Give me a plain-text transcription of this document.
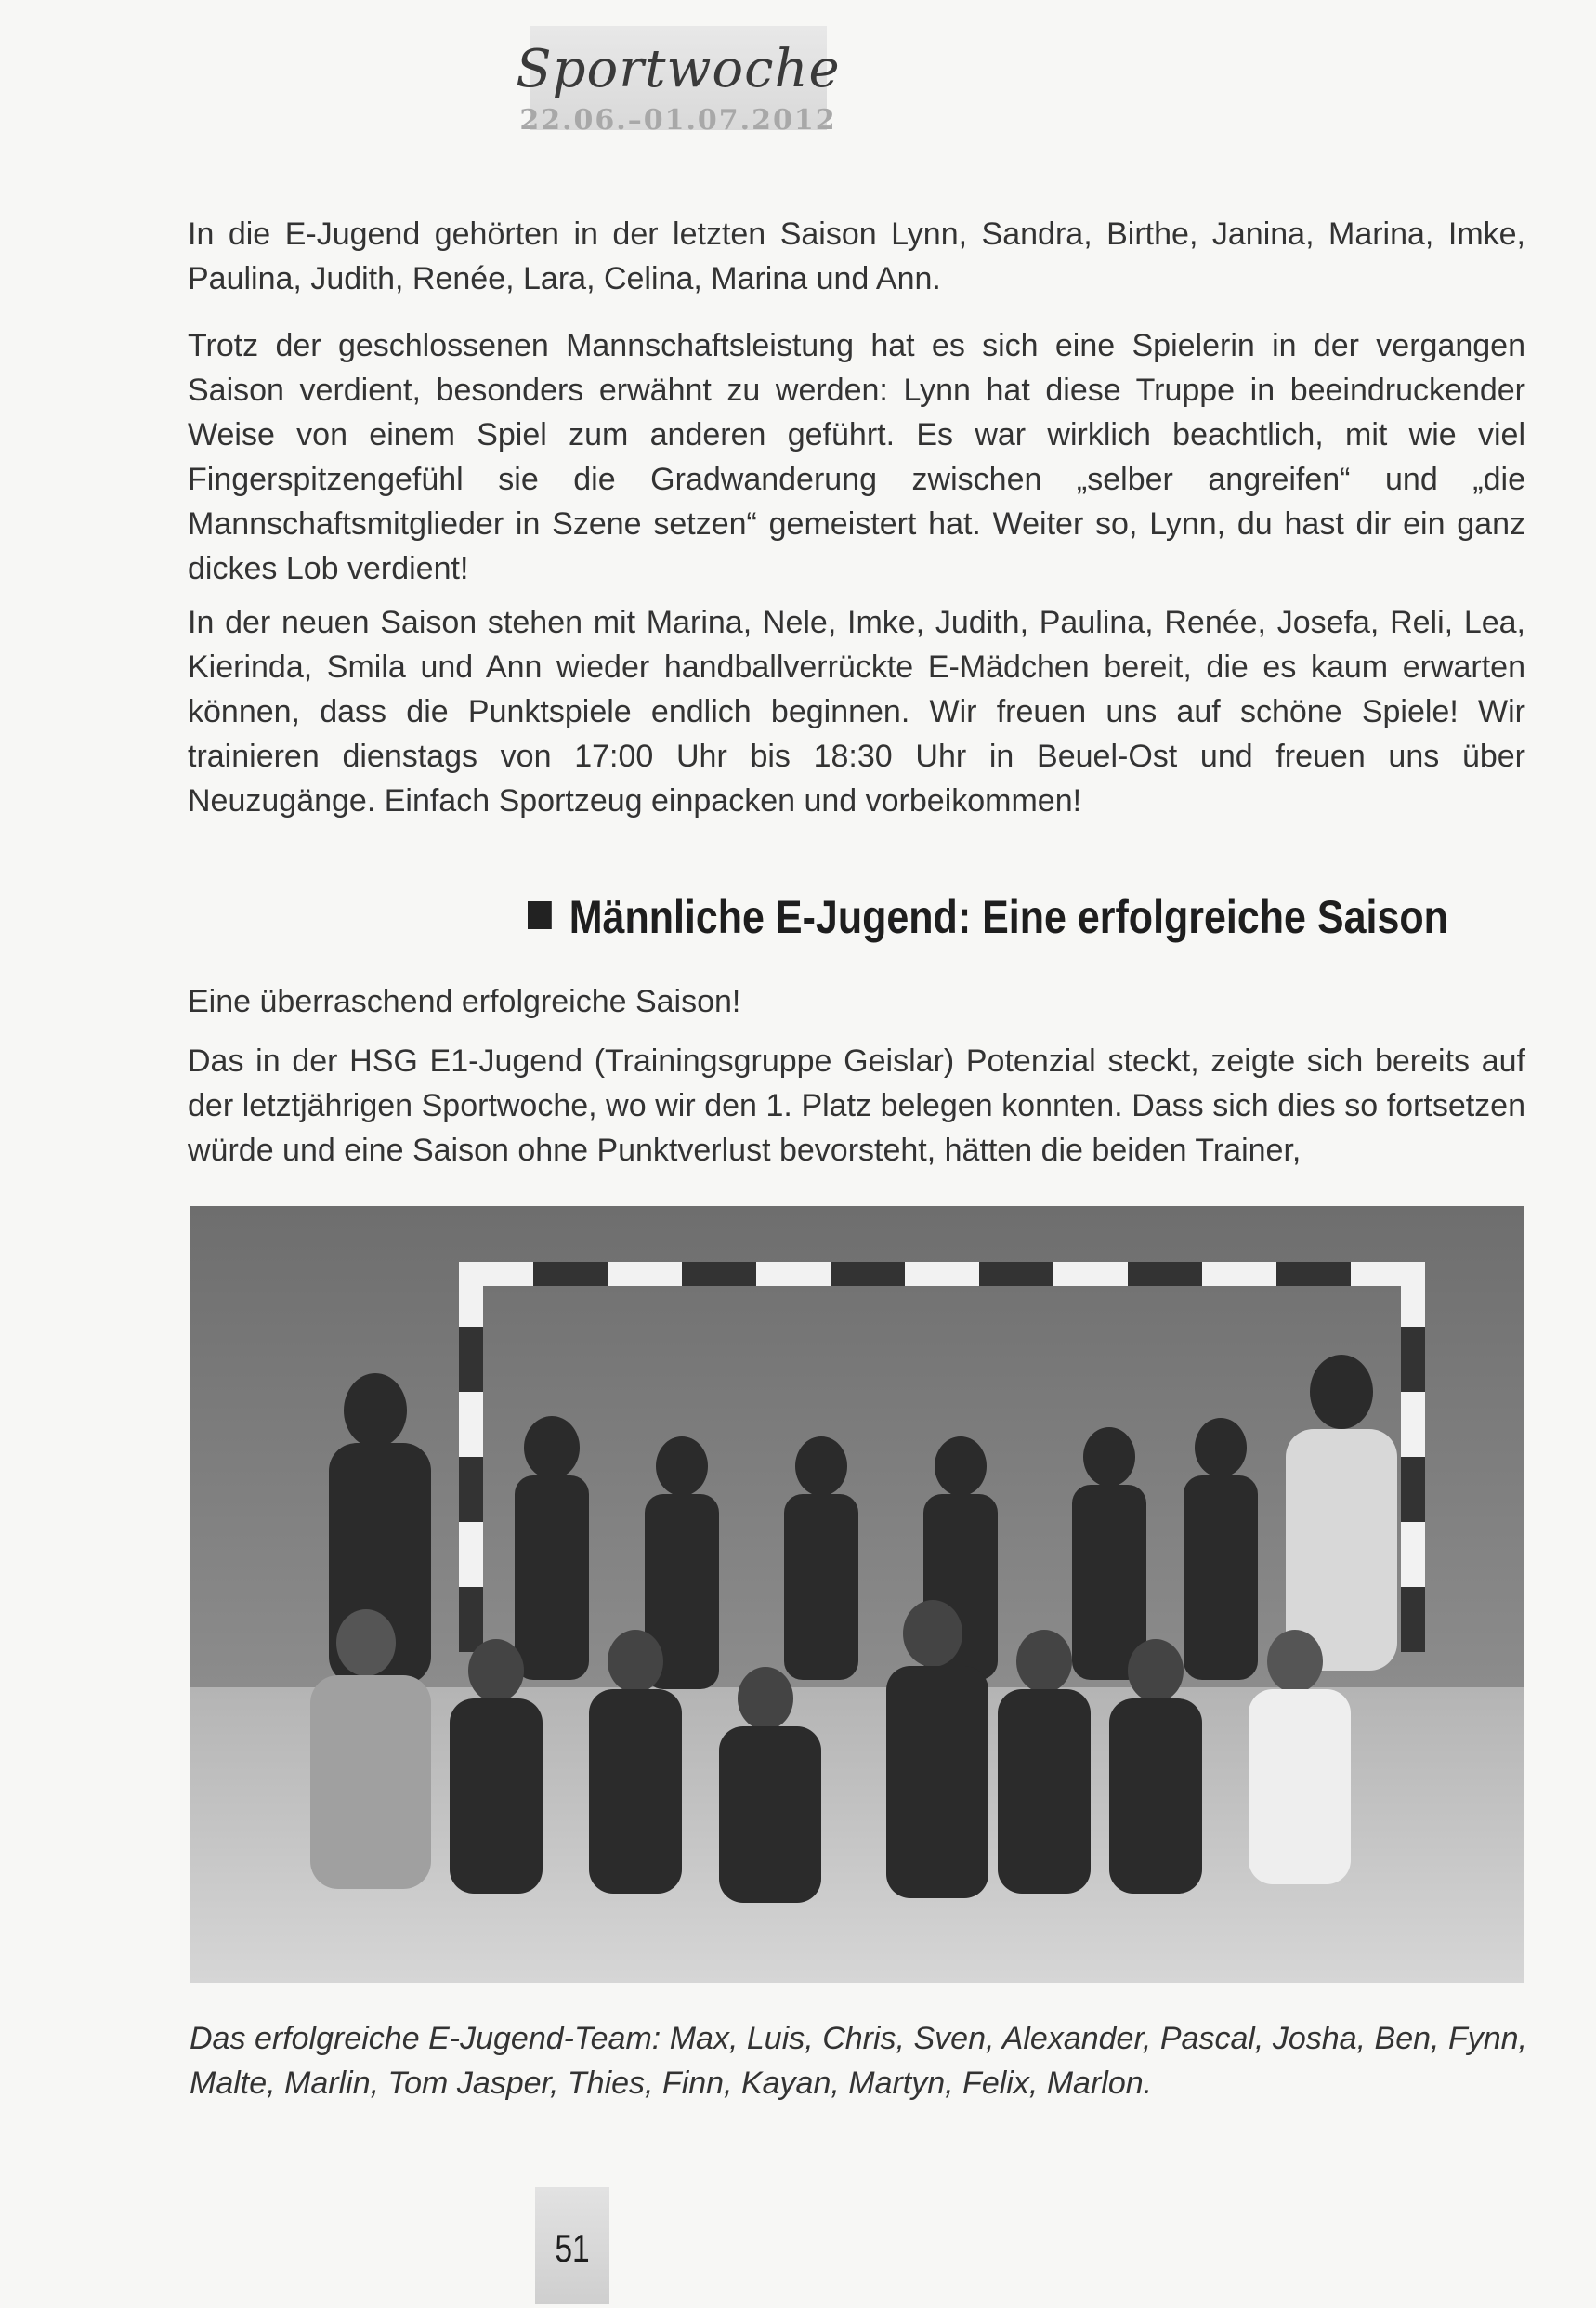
Sportwoche
22.06.–01.07.2012

In die E-Jugend gehörten in der letzten Saison Lynn, Sandra, Birthe, Janina, Marina, Imke, Paulina, Judith, Renée, Lara, Celina, Marina und Ann.

Trotz der geschlossenen Mannschaftsleistung hat es sich eine Spielerin in der vergangen Saison verdient, besonders erwähnt zu werden: Lynn hat diese Truppe in beeindruckender Weise von einem Spiel zum anderen geführt. Es war wirklich beachtlich, mit wie viel Fingerspitzengefühl sie die Gradwanderung zwischen „selber angreifen“ und „die Mannschaftsmitglieder in Szene setzen“ gemeistert hat. Weiter so, Lynn, du hast dir ein ganz dickes Lob verdient!

In der neuen Saison stehen mit Marina, Nele, Imke, Judith, Paulina, Renée, Josefa, Reli, Lea, Kierinda, Smila und Ann wieder handballverrückte E-Mädchen bereit, die es kaum erwarten können, dass die Punktspiele endlich beginnen. Wir freuen uns auf schöne Spiele! Wir trainieren dienstags von 17:00 Uhr bis 18:30 Uhr in Beuel-Ost und freuen uns über Neuzugänge. Einfach Sportzeug einpacken und vorbeikommen!

Männliche E-Jugend: Eine erfolgreiche Saison

Eine überraschend erfolgreiche Saison!

Das in der HSG E1-Jugend (Trainingsgruppe Geislar) Potenzial steckt, zeigte sich bereits auf der letztjährigen Sportwoche, wo wir den 1. Platz belegen konnten. Dass sich dies so fortsetzen würde und eine Saison ohne Punktverlust bevorsteht, hätten die beiden Trainer,

Das erfolgreiche E-Jugend-Team: Max, Luis, Chris, Sven, Alexander, Pascal, Josha, Ben, Fynn, Malte, Marlin, Tom Jasper, Thies, Finn, Kayan, Martyn, Felix, Marlon.

51
